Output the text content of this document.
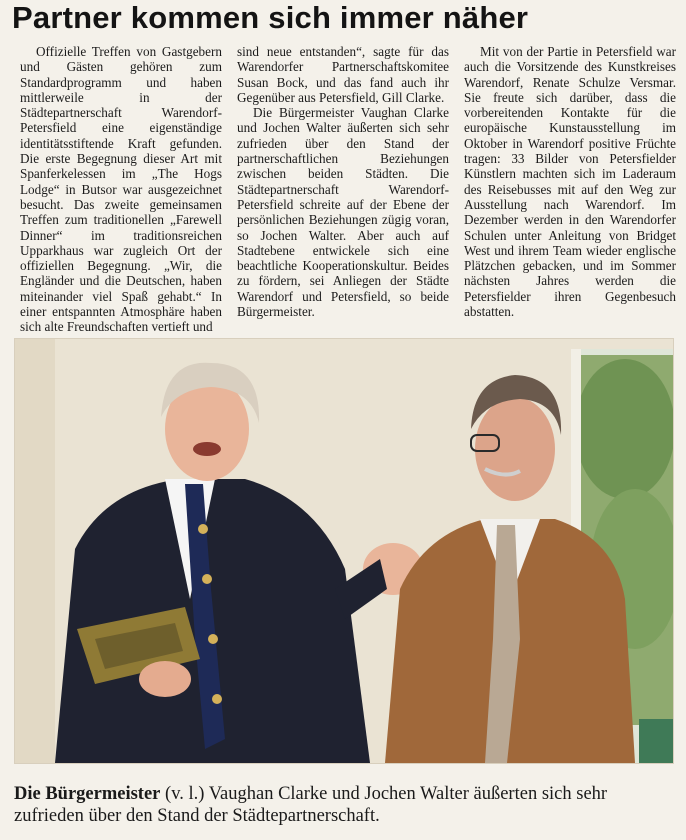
Partner kommen sich immer näher

Offizielle Treffen von Gastgebern und Gästen gehören zum Standardprogramm und haben mittlerweile in der Städtepartnerschaft Warendorf-Petersfield eine eigenständige identitätsstiftende Kraft gefunden. Die erste Begegnung dieser Art mit Spanferkelessen im „The Hogs Lodge“ in Butsor war ausgezeichnet besucht. Das zweite gemeinsamen Treffen zum traditionellen „Farewell Dinner“ im traditionsreichen Upparkhaus war zugleich Ort der offiziellen Begegnung. „Wir, die Engländer und die Deutschen, haben miteinander viel Spaß gehabt.“ In einer entspannten Atmosphäre haben sich alte Freundschaften vertieft und

sind neue entstanden“, sagte für das Warendorfer Partnerschaftskomitee Susan Bock, und das fand auch ihr Gegenüber aus Petersfield, Gill Clarke.

Die Bürgermeister Vaughan Clarke und Jochen Walter äußerten sich sehr zufrieden über den Stand der partnerschaftlichen Beziehungen zwischen beiden Städten. Die Städtepartnerschaft Warendorf-Petersfield schreite auf der Ebene der persönlichen Beziehungen zügig voran, so Jochen Walter. Aber auch auf Stadtebene entwickele sich eine beachtliche Kooperationskultur. Beides zu fördern, sei Anliegen der Städte Warendorf und Petersfield, so beide Bürgermeister.

Mit von der Partie in Petersfield war auch die Vorsitzende des Kunstkreises Warendorf, Renate Schulze Versmar. Sie freute sich darüber, dass die vorbereitenden Kontakte für die europäische Kunstausstellung im Oktober in Warendorf positive Früchte tragen: 33 Bilder von Petersfielder Künstlern machten sich im Laderaum des Reisebusses mit auf den Weg zur Ausstellung nach Warendorf. Im Dezember werden in den Warendorfer Schulen unter Anleitung von Bridget West und ihrem Team wieder englische Plätzchen gebacken, und im Sommer nächsten Jahres werden die Petersfielder ihren Gegenbesuch abstatten.

Die Bürgermeister (v. l.) Vaughan Clarke und Jochen Walter äußerten sich sehr zufrieden über den Stand der Städtepartnerschaft.
